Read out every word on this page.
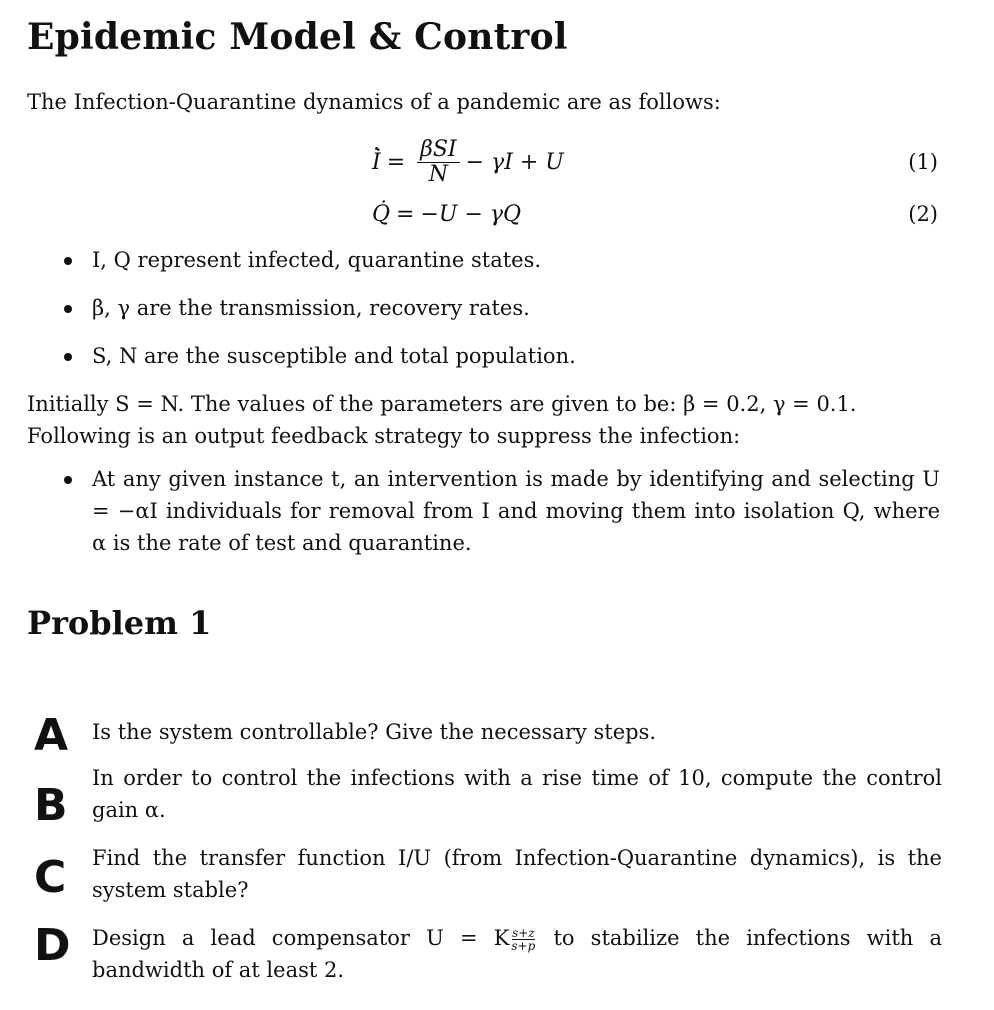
Epidemic Model & Control
The Infection-Quarantine dynamics of a pandemic are as follows:
İ = $\frac{\text{βSI}}{N} - \gamma I + U$	(1)
Q̇ = −U − γQ	(2)
I, Q represent infected, quarantine states.
β, γ are the transmission, recovery rates.
S, N are the susceptible and total population.
Initially S = N. The values of the parameters are given to be: β = 0.2, γ = 0.1.
Following is an output feedback strategy to suppress the infection:
At any given instance t, an intervention is made by identifying and selecting U = −αI individuals for removal from I and moving them into isolation Q, where α is the rate of test and quarantine.
Problem 1
A Is the system controllable? Give the necessary steps.
B
In order to control the infections with a rise time of 10, compute the control gain α.
C Find the transfer function I/U (from Infection-Quarantine dynamics), is the system stable?
D Design a lead compensator U = K $\frac{s+z}{s+p}$ to stabilize the infections with a bandwidth of at least 2.
